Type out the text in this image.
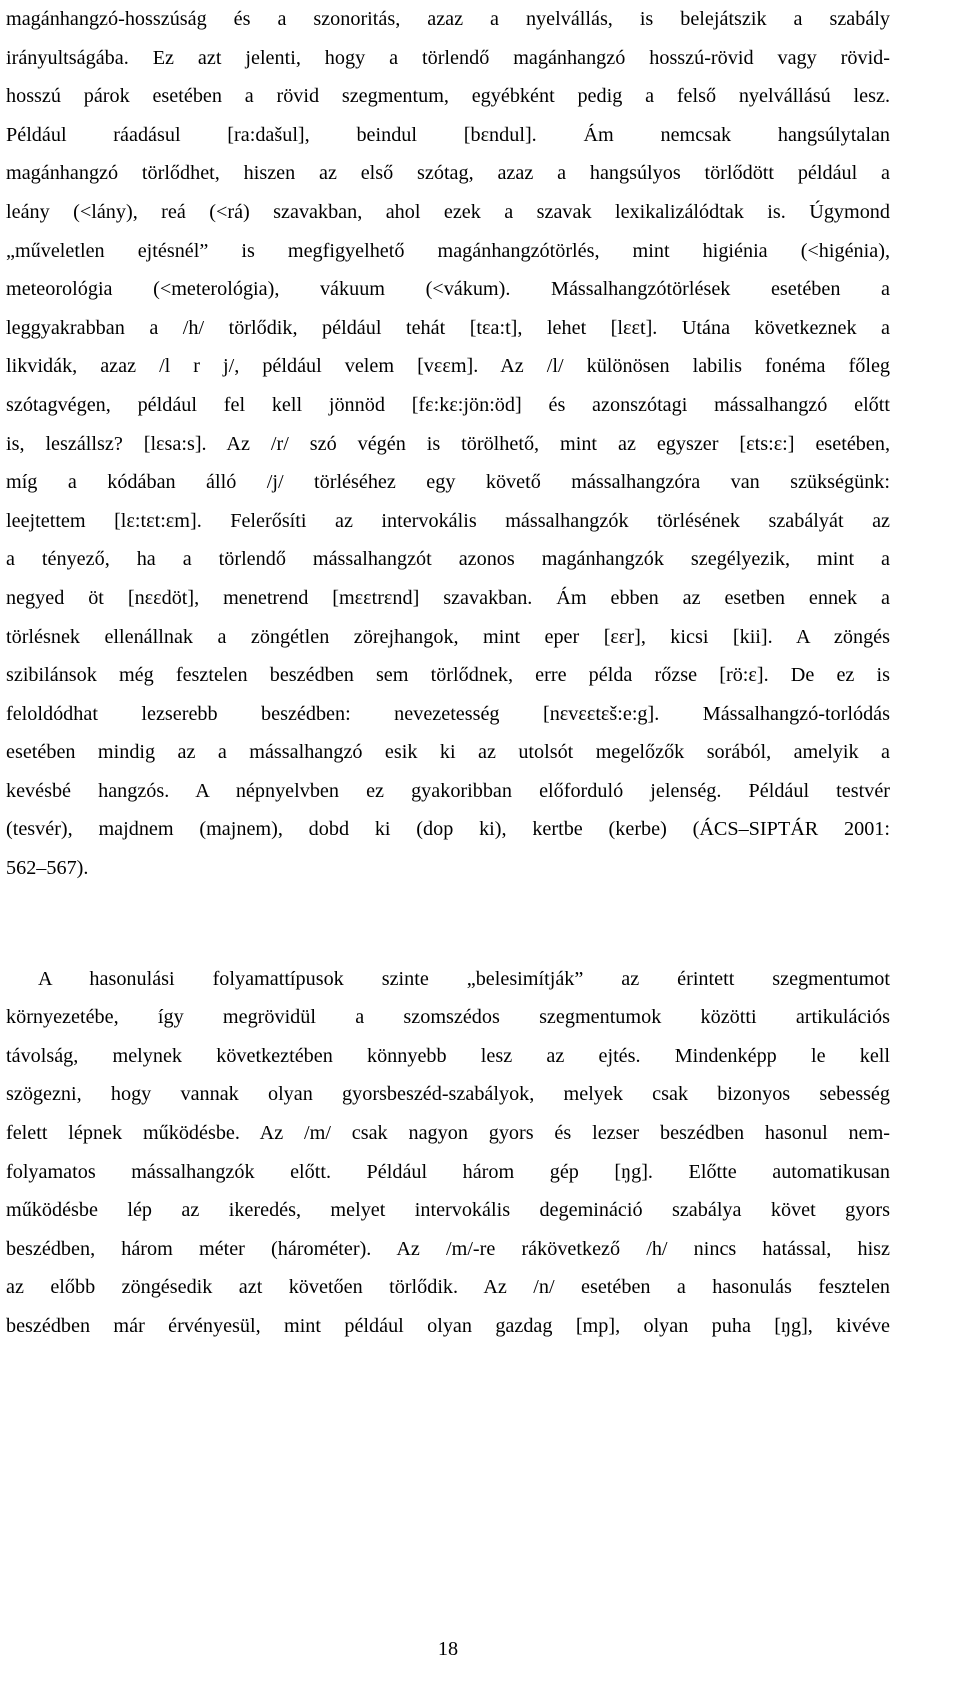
magánhangzó-hosszúság és a szonoritás, azaz a nyelvállás, is belejátszik a szabály
irányultságába. Ez azt jelenti, hogy a törlendő magánhangzó hosszú-rövid vagy rövid-
hosszú párok esetében a rövid szegmentum, egyébként pedig a felső nyelvállású lesz.
Például ráadásul [ra:dašul], beindul [bɛndul]. Ám nemcsak hangsúlytalan
magánhangzó törlődhet, hiszen az első szótag, azaz a hangsúlyos törlődött például a
leány (<lány), reá (<rá) szavakban, ahol ezek a szavak lexikalizálódtak is. Úgymond
„műveletlen ejtésnél” is megfigyelhető magánhangzótörlés, mint higiénia (<higénia),
meteorológia (<meterológia), vákuum (<vákum). Mássalhangzótörlések esetében a
leggyakrabban a /h/ törlődik, például tehát [tɛa:t], lehet [lɛɛt]. Utána következnek a
likvidák, azaz /l r j/, például velem [vɛɛm]. Az /l/ különösen labilis fonéma főleg
szótagvégen, például fel kell jönnöd [fɛ:kɛ:jön:öd] és azonszótagi mássalhangzó előtt
is, leszállsz? [lɛsa:s]. Az /r/ szó végén is törölhető, mint az egyszer [ɛts:ɛ:] esetében,
míg a kódában álló /j/ törléséhez egy követő mássalhangzóra van szükségünk:
leejtettem [lɛ:tɛt:ɛm]. Felerősíti az intervokális mássalhangzók törlésének szabályát az
a tényező, ha a törlendő mássalhangzót azonos magánhangzók szegélyezik, mint a
negyed öt [nɛɛdöt], menetrend [mɛɛtrɛnd] szavakban. Ám ebben az esetben ennek a
törlésnek ellenállnak a zöngétlen zörejhangok, mint eper [ɛɛr], kicsi [kii]. A zöngés
szibilánsok még fesztelen beszédben sem törlődnek, erre példa rőzse [rö:ɛ]. De ez is
feloldódhat lezserebb beszédben: nevezetesség [nɛvɛɛtɛš:e:g]. Mássalhangzó-torlódás
esetében mindig az a mássalhangzó esik ki az utolsót megelőzők sorából, amelyik a
kevésbé hangzós. A népnyelvben ez gyakoribban előforduló jelenség. Például testvér
(tesvér), majdnem (majnem), dobd ki (dop ki), kertbe (kerbe) (ÁCS–SIPTÁR 2001:
562–567).

A hasonulási folyamattípusok szinte „belesimítják” az érintett szegmentumot
környezetébe, így megrövidül a szomszédos szegmentumok közötti artikulációs
távolság, melynek következtében könnyebb lesz az ejtés. Mindenképp le kell
szögezni, hogy vannak olyan gyorsbeszéd-szabályok, melyek csak bizonyos sebesség
felett lépnek működésbe. Az /m/ csak nagyon gyors és lezser beszédben hasonul nem-
folyamatos mássalhangzók előtt. Például három gép [ŋg]. Előtte automatikusan
működésbe lép az ikeredés, melyet intervokális degemináció szabálya követ gyors
beszédben, három méter (hárométer). Az /m/-re rákövetkező /h/ nincs hatással, hisz
az előbb zöngésedik azt követően törlődik. Az /n/ esetében a hasonulás fesztelen
beszédben már érvényesül, mint például olyan gazdag [mp], olyan puha [ŋg], kivéve

18
